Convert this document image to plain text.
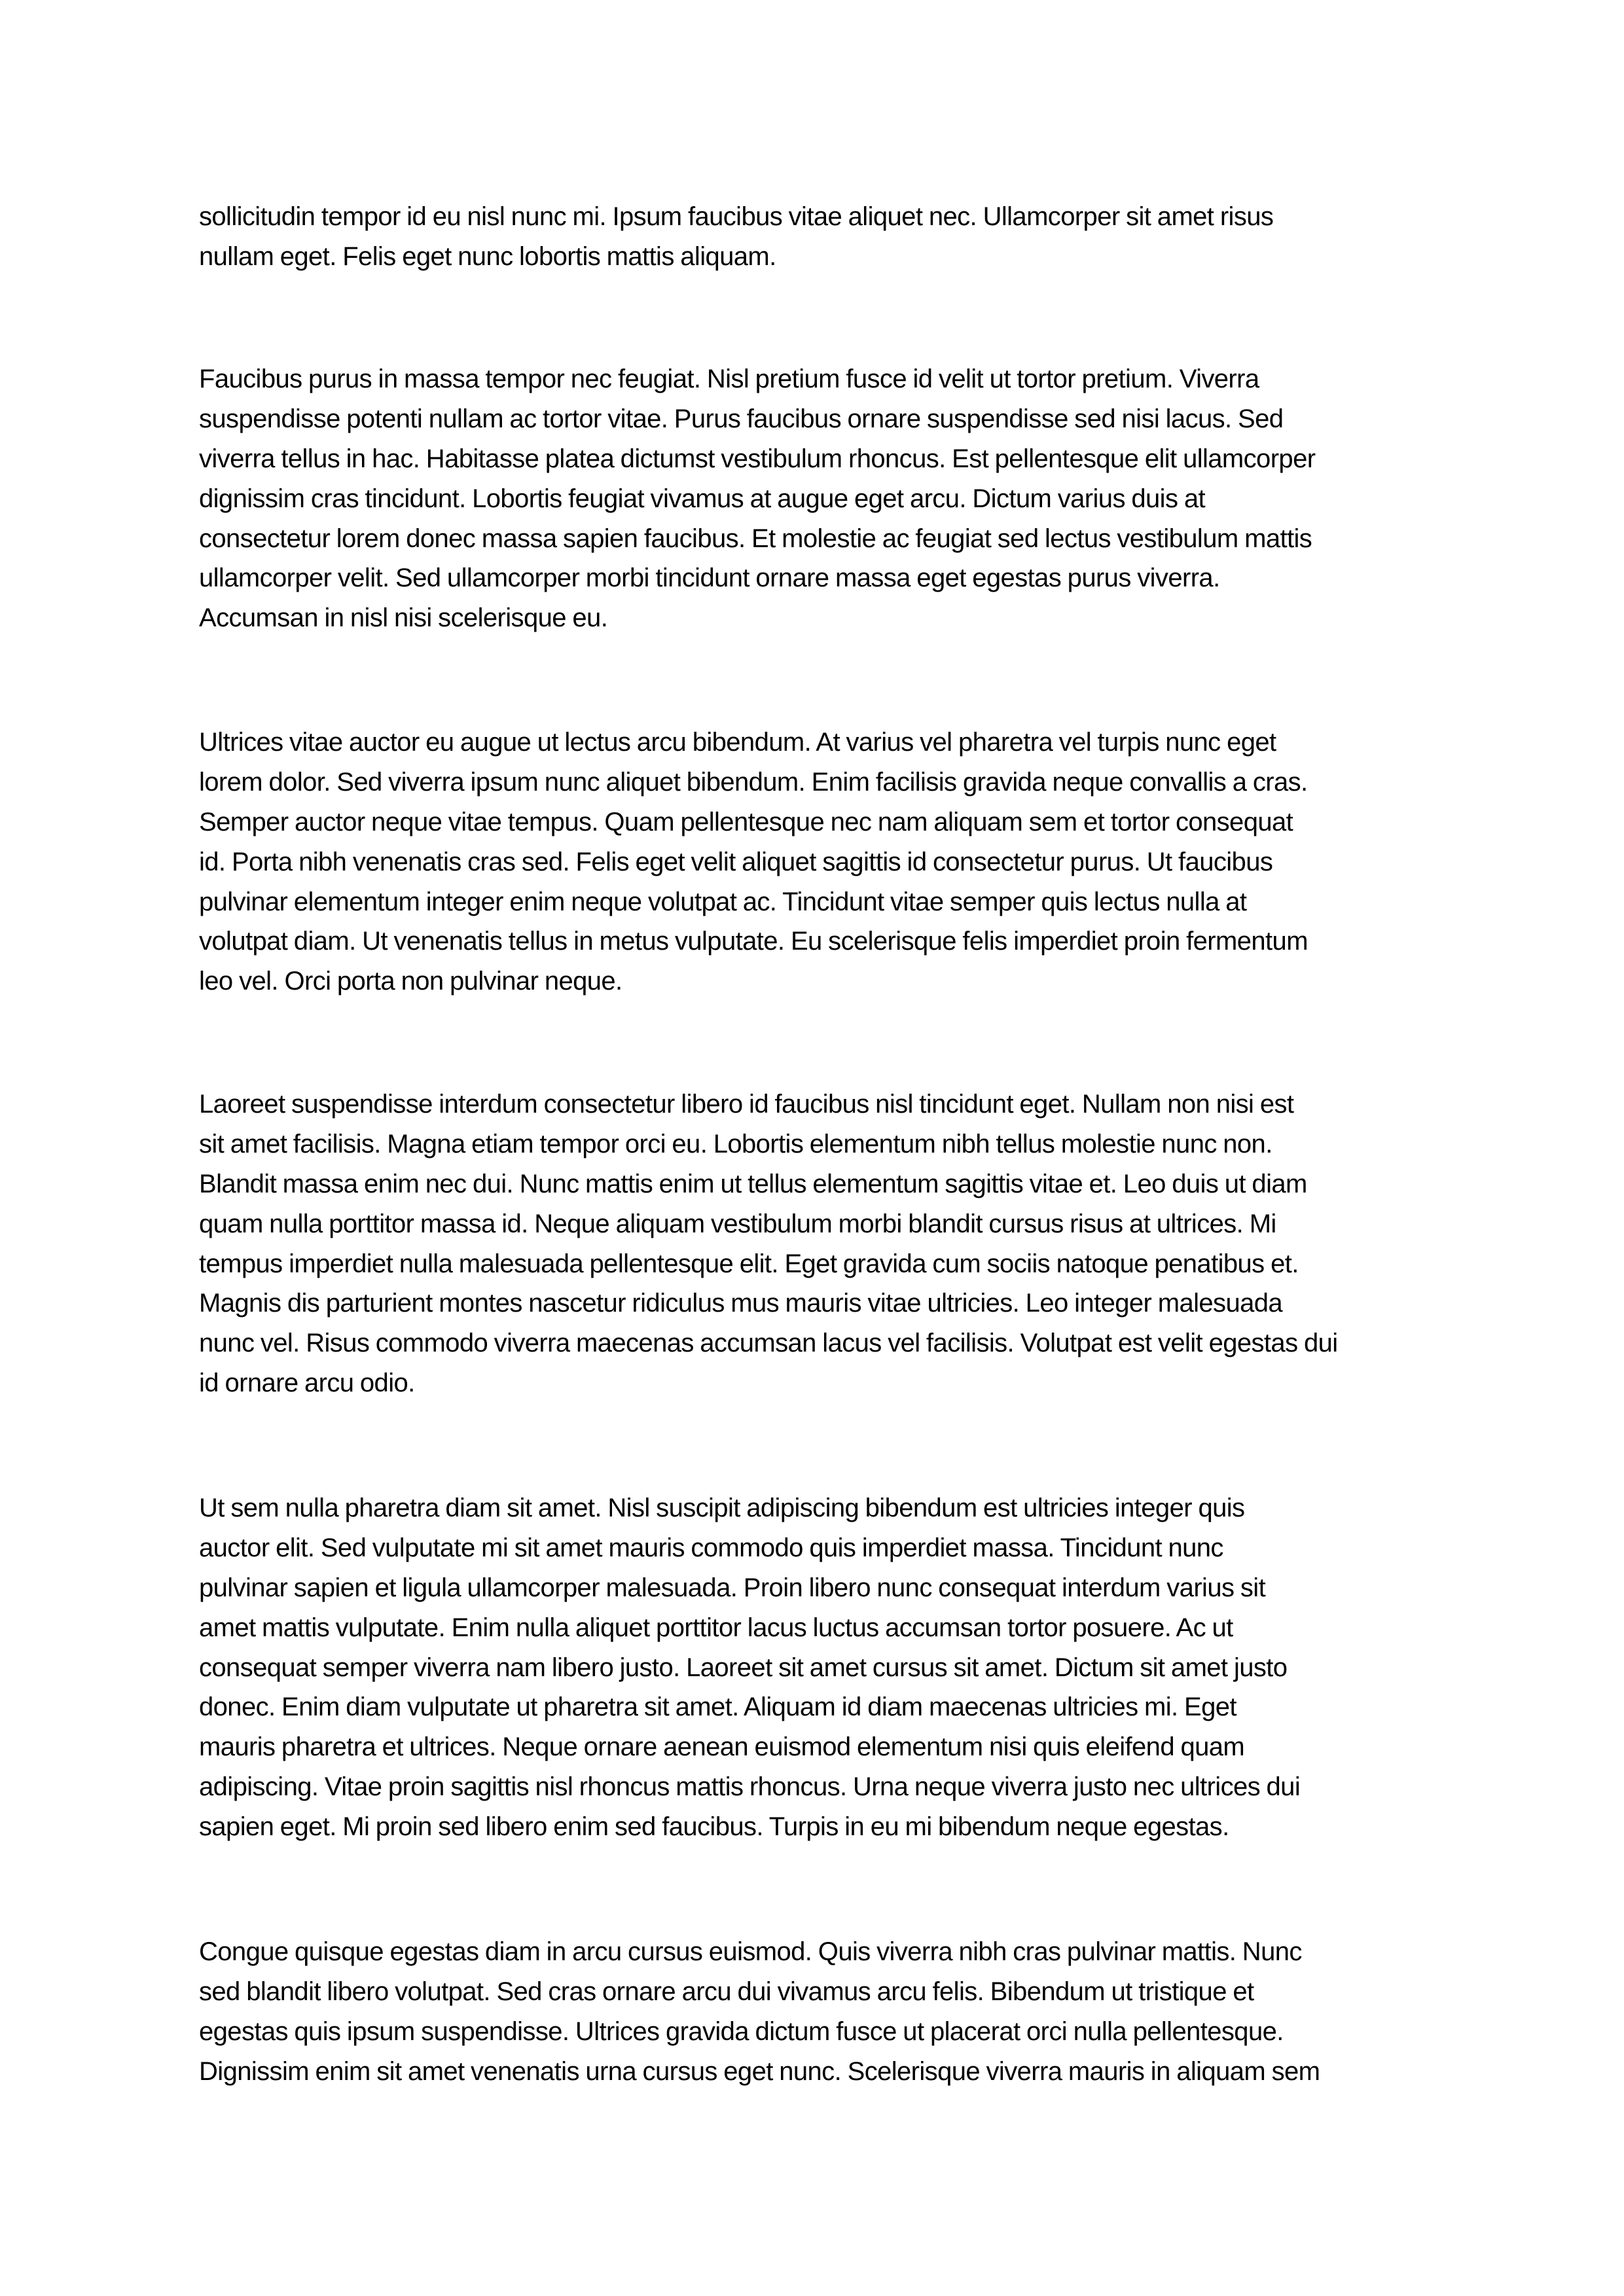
sollicitudin tempor id eu nisl nunc mi. Ipsum faucibus vitae aliquet nec. Ullamcorper sit amet risus
nullam eget. Felis eget nunc lobortis mattis aliquam.
Faucibus purus in massa tempor nec feugiat. Nisl pretium fusce id velit ut tortor pretium. Viverra
suspendisse potenti nullam ac tortor vitae. Purus faucibus ornare suspendisse sed nisi lacus. Sed
viverra tellus in hac. Habitasse platea dictumst vestibulum rhoncus. Est pellentesque elit ullamcorper
dignissim cras tincidunt. Lobortis feugiat vivamus at augue eget arcu. Dictum varius duis at
consectetur lorem donec massa sapien faucibus. Et molestie ac feugiat sed lectus vestibulum mattis
ullamcorper velit. Sed ullamcorper morbi tincidunt ornare massa eget egestas purus viverra.
Accumsan in nisl nisi scelerisque eu.
Ultrices vitae auctor eu augue ut lectus arcu bibendum. At varius vel pharetra vel turpis nunc eget
lorem dolor. Sed viverra ipsum nunc aliquet bibendum. Enim facilisis gravida neque convallis a cras.
Semper auctor neque vitae tempus. Quam pellentesque nec nam aliquam sem et tortor consequat
id. Porta nibh venenatis cras sed. Felis eget velit aliquet sagittis id consectetur purus. Ut faucibus
pulvinar elementum integer enim neque volutpat ac. Tincidunt vitae semper quis lectus nulla at
volutpat diam. Ut venenatis tellus in metus vulputate. Eu scelerisque felis imperdiet proin fermentum
leo vel. Orci porta non pulvinar neque.
Laoreet suspendisse interdum consectetur libero id faucibus nisl tincidunt eget. Nullam non nisi est
sit amet facilisis. Magna etiam tempor orci eu. Lobortis elementum nibh tellus molestie nunc non.
Blandit massa enim nec dui. Nunc mattis enim ut tellus elementum sagittis vitae et. Leo duis ut diam
quam nulla porttitor massa id. Neque aliquam vestibulum morbi blandit cursus risus at ultrices. Mi
tempus imperdiet nulla malesuada pellentesque elit. Eget gravida cum sociis natoque penatibus et.
Magnis dis parturient montes nascetur ridiculus mus mauris vitae ultricies. Leo integer malesuada
nunc vel. Risus commodo viverra maecenas accumsan lacus vel facilisis. Volutpat est velit egestas dui
id ornare arcu odio.
Ut sem nulla pharetra diam sit amet. Nisl suscipit adipiscing bibendum est ultricies integer quis
auctor elit. Sed vulputate mi sit amet mauris commodo quis imperdiet massa. Tincidunt nunc
pulvinar sapien et ligula ullamcorper malesuada. Proin libero nunc consequat interdum varius sit
amet mattis vulputate. Enim nulla aliquet porttitor lacus luctus accumsan tortor posuere. Ac ut
consequat semper viverra nam libero justo. Laoreet sit amet cursus sit amet. Dictum sit amet justo
donec. Enim diam vulputate ut pharetra sit amet. Aliquam id diam maecenas ultricies mi. Eget
mauris pharetra et ultrices. Neque ornare aenean euismod elementum nisi quis eleifend quam
adipiscing. Vitae proin sagittis nisl rhoncus mattis rhoncus. Urna neque viverra justo nec ultrices dui
sapien eget. Mi proin sed libero enim sed faucibus. Turpis in eu mi bibendum neque egestas.
Congue quisque egestas diam in arcu cursus euismod. Quis viverra nibh cras pulvinar mattis. Nunc
sed blandit libero volutpat. Sed cras ornare arcu dui vivamus arcu felis. Bibendum ut tristique et
egestas quis ipsum suspendisse. Ultrices gravida dictum fusce ut placerat orci nulla pellentesque.
Dignissim enim sit amet venenatis urna cursus eget nunc. Scelerisque viverra mauris in aliquam sem
